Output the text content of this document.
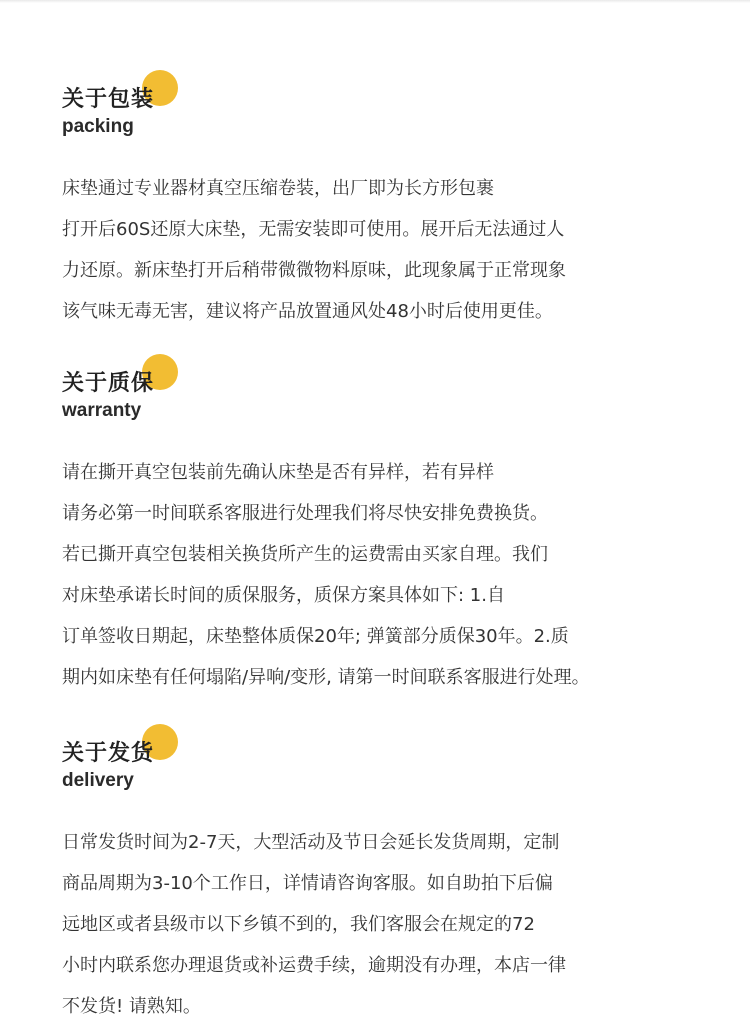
关于包装
packing
床垫通过专业器材真空压缩卷装，出厂即为长方形包裹
打开后60S还原大床垫，无需安装即可使用。展开后无法通过人
力还原。新床垫打开后稍带微微物料原味，此现象属于正常现象
该气味无毒无害，建议将产品放置通风处48小时后使用更佳。
关于质保
warranty
请在撕开真空包装前先确认床垫是否有异样，若有异样
请务必第一时间联系客服进行处理我们将尽快安排免费换货。
若已撕开真空包装相关换货所产生的运费需由买家自理。我们
对床垫承诺长时间的质保服务，质保方案具体如下: 1.自
订单签收日期起，床垫整体质保20年; 弹簧部分质保30年。2.质
期内如床垫有任何塌陷/异响/变形, 请第一时间联系客服进行处理。
关于发货
delivery
日常发货时间为2-7天，大型活动及节日会延长发货周期，定制
商品周期为3-10个工作日，详情请咨询客服。如自助拍下后偏
远地区或者县级市以下乡镇不到的，我们客服会在规定的72
小时内联系您办理退货或补运费手续，逾期没有办理，本店一律
不发货! 请熟知。
